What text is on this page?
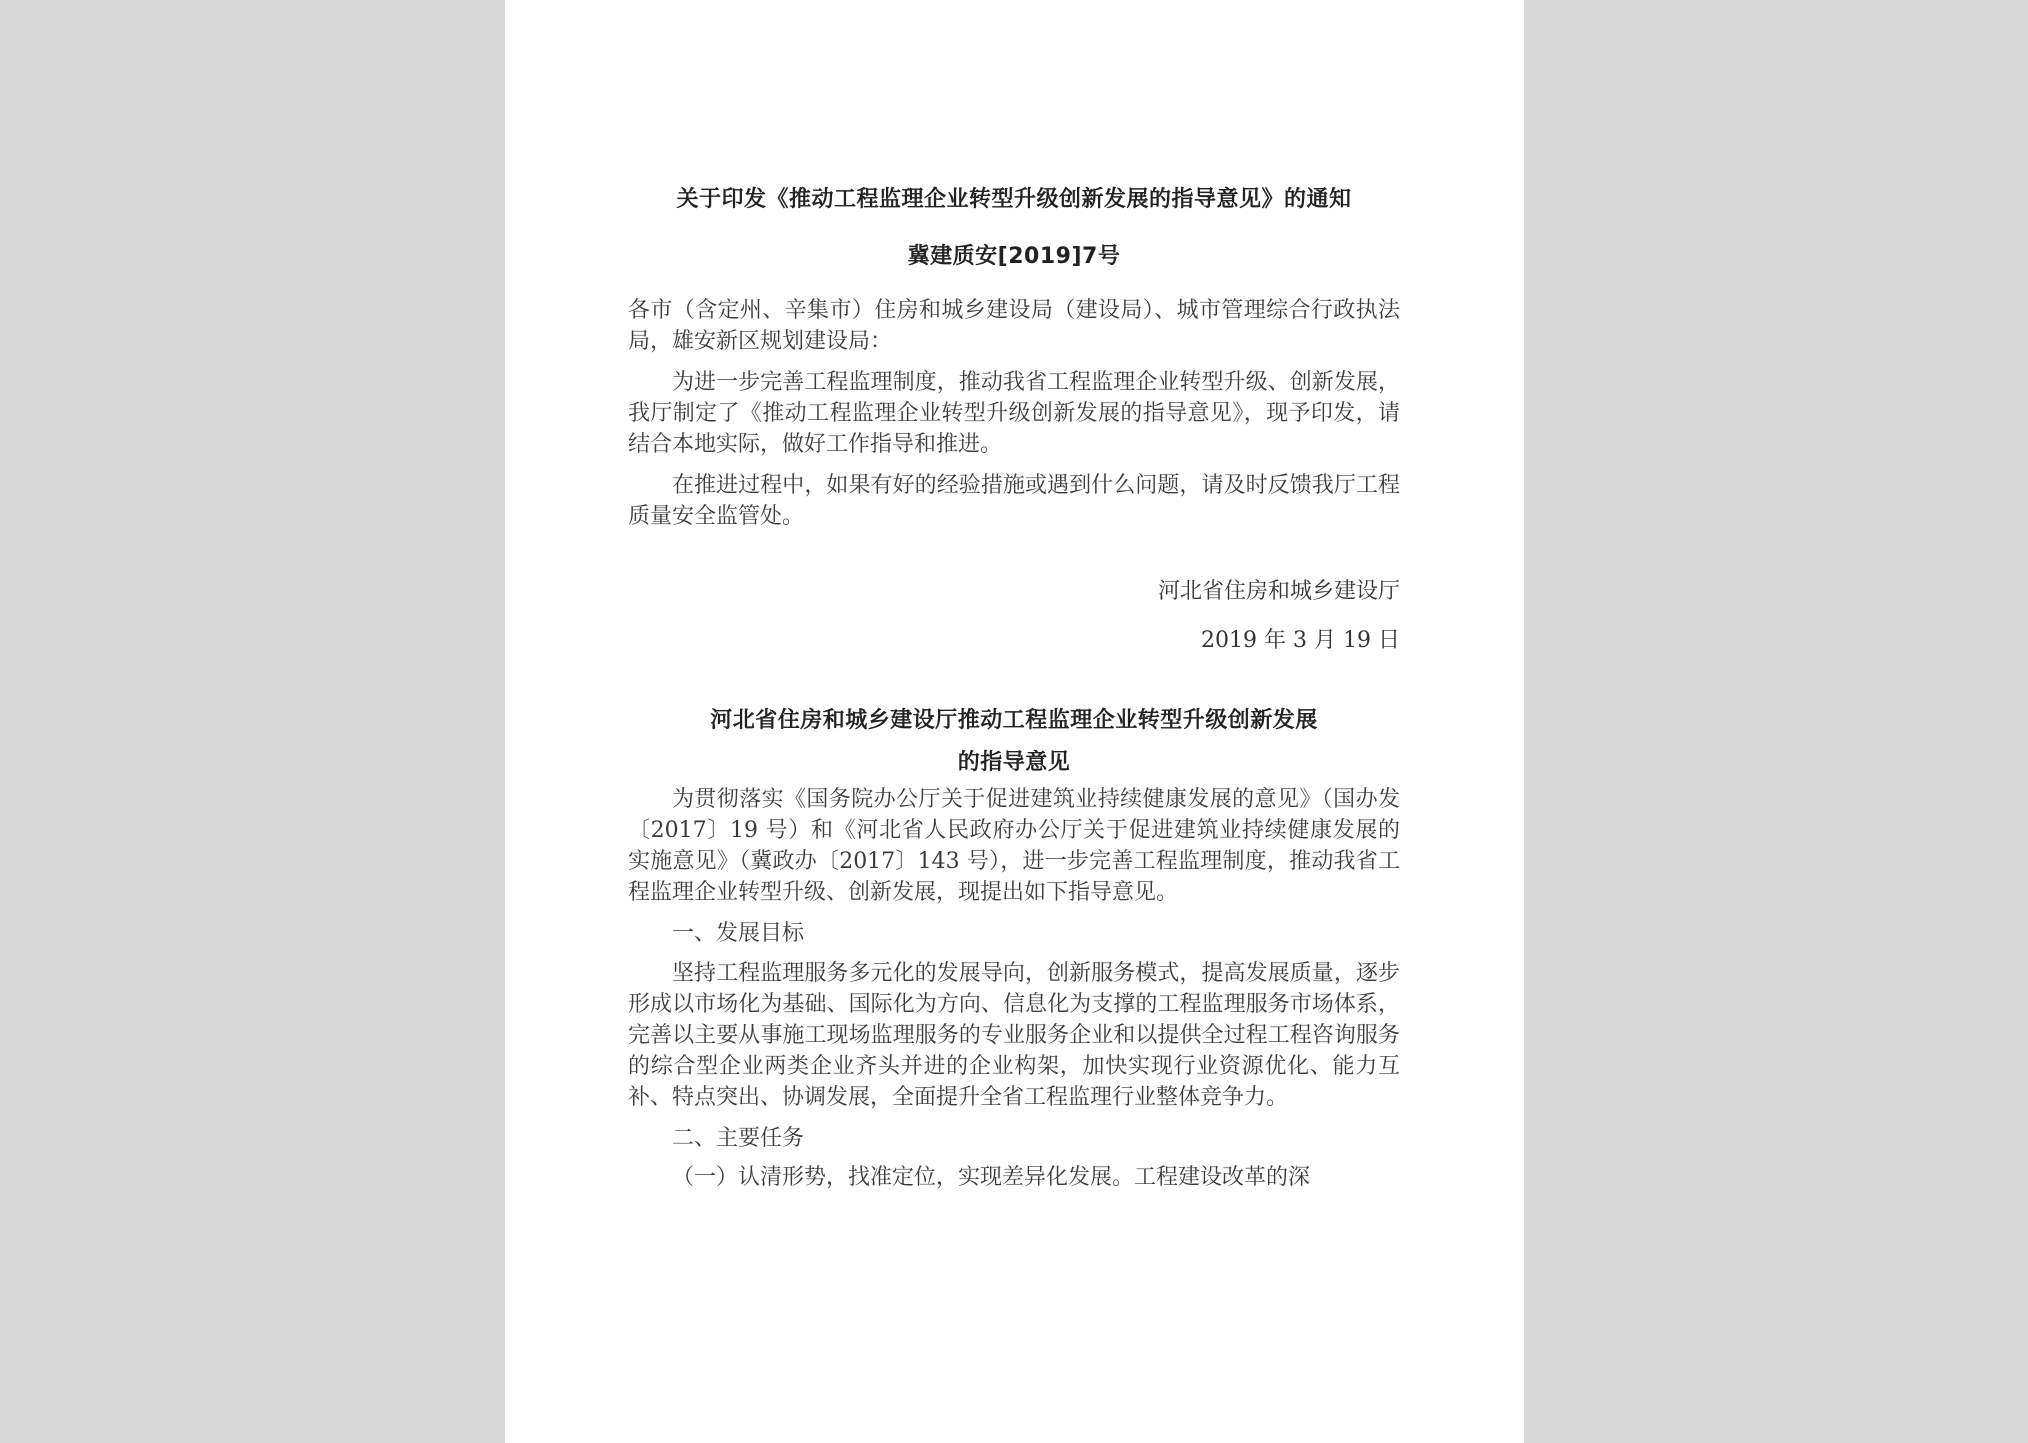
关于印发《推动工程监理企业转型升级创新发展的指导意见》的通知
冀建质安[2019]7号

各市（含定州、辛集市）住房和城乡建设局（建设局）、城市管理综合行政执法局，雄安新区规划建设局：

为进一步完善工程监理制度，推动我省工程监理企业转型升级、创新发展，我厅制定了《推动工程监理企业转型升级创新发展的指导意见》，现予印发，请结合本地实际，做好工作指导和推进。

在推进过程中，如果有好的经验措施或遇到什么问题，请及时反馈我厅工程质量安全监管处。

河北省住房和城乡建设厅
2019 年 3 月 19 日
河北省住房和城乡建设厅推动工程监理企业转型升级创新发展
的指导意见

为贯彻落实《国务院办公厅关于促进建筑业持续健康发展的意见》（国办发〔2017〕19 号）和《河北省人民政府办公厅关于促进建筑业持续健康发展的实施意见》（冀政办〔2017〕143 号），进一步完善工程监理制度，推动我省工程监理企业转型升级、创新发展，现提出如下指导意见。

一、发展目标

坚持工程监理服务多元化的发展导向，创新服务模式，提高发展质量，逐步形成以市场化为基础、国际化为方向、信息化为支撑的工程监理服务市场体系，完善以主要从事施工现场监理服务的专业服务企业和以提供全过程工程咨询服务的综合型企业两类企业齐头并进的企业构架，加快实现行业资源优化、能力互补、特点突出、协调发展，全面提升全省工程监理行业整体竞争力。

二、主要任务

（一）认清形势，找准定位，实现差异化发展。工程建设改革的深
